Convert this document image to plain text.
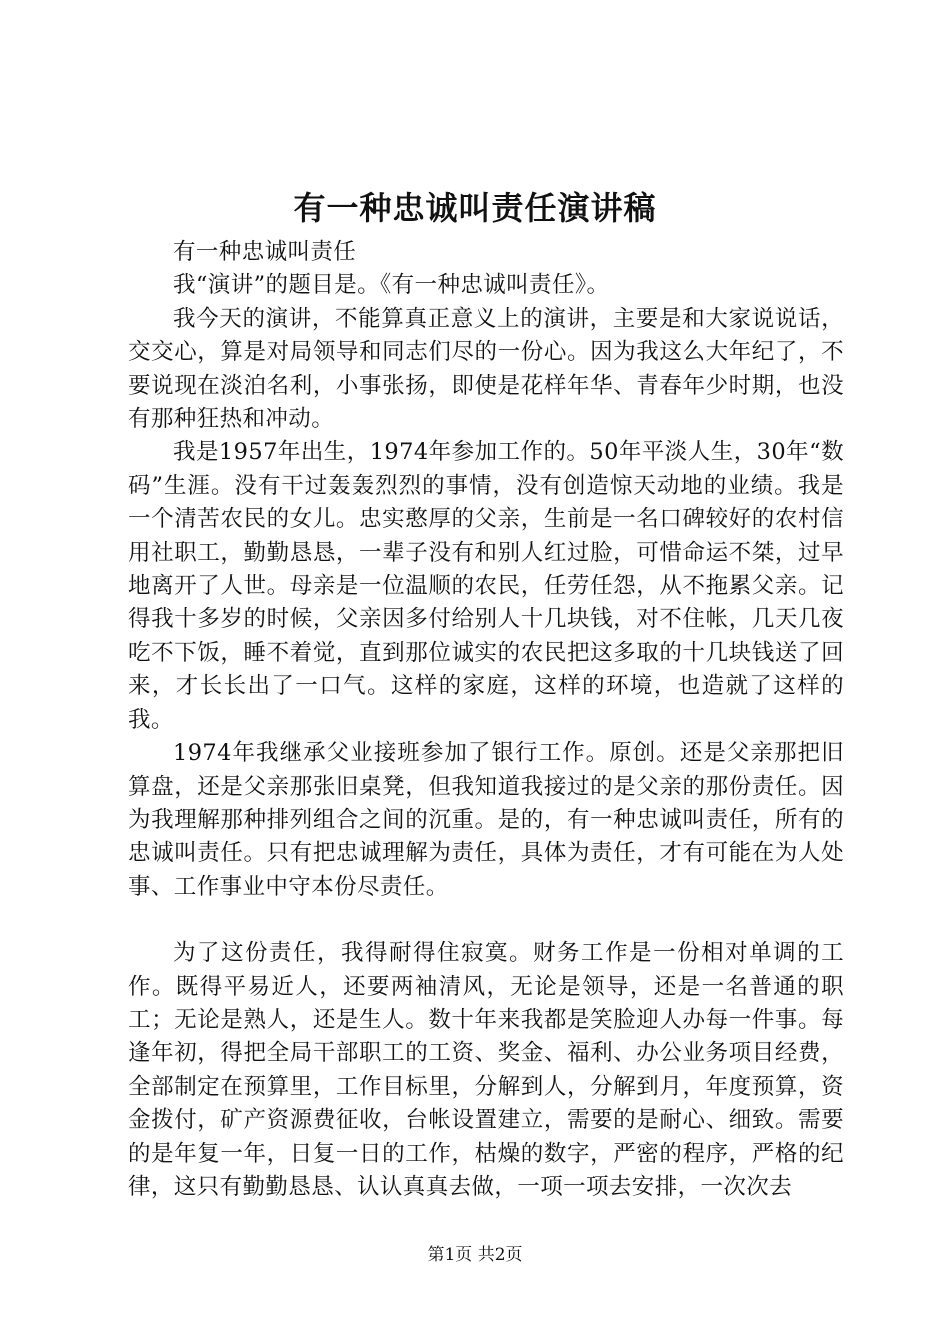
有一种忠诚叫责任演讲稿

有一种忠诚叫责任

我“演讲”的题目是。《有一种忠诚叫责任》。

我今天的演讲，不能算真正意义上的演讲，主要是和大家说说话，交交心，算是对局领导和同志们尽的一份心。因为我这么大年纪了，不要说现在淡泊名利，小事张扬，即使是花样年华、青春年少时期，也没有那种狂热和冲动。

我是1957年出生，1974年参加工作的。50年平淡人生，30年“数码”生涯。没有干过轰轰烈烈的事情，没有创造惊天动地的业绩。我是一个清苦农民的女儿。忠实憨厚的父亲，生前是一名口碑较好的农村信用社职工，勤勤恳恳，一辈子没有和别人红过脸，可惜命运不桀，过早地离开了人世。母亲是一位温顺的农民，任劳任怨，从不拖累父亲。记得我十多岁的时候，父亲因多付给别人十几块钱，对不住帐，几天几夜吃不下饭，睡不着觉，直到那位诚实的农民把这多取的十几块钱送了回来，才长长出了一口气。这样的家庭，这样的环境，也造就了这样的我。

1974年我继承父业接班参加了银行工作。原创。还是父亲那把旧算盘，还是父亲那张旧桌凳，但我知道我接过的是父亲的那份责任。因为我理解那种排列组合之间的沉重。是的，有一种忠诚叫责任，所有的忠诚叫责任。只有把忠诚理解为责任，具体为责任，才有可能在为人处事、工作事业中守本份尽责任。

为了这份责任，我得耐得住寂寞。财务工作是一份相对单调的工作。既得平易近人，还要两袖清风，无论是领导，还是一名普通的职工；无论是熟人，还是生人。数十年来我都是笑脸迎人办每一件事。每逢年初，得把全局干部职工的工资、奖金、福利、办公业务项目经费，全部制定在预算里，工作目标里，分解到人，分解到月，年度预算，资金拨付，矿产资源费征收，台帐设置建立，需要的是耐心、细致。需要的是年复一年，日复一日的工作，枯燥的数字，严密的程序，严格的纪律，这只有勤勤恳恳、认认真真去做，一项一项去安排，一次次去

第1页 共2页
